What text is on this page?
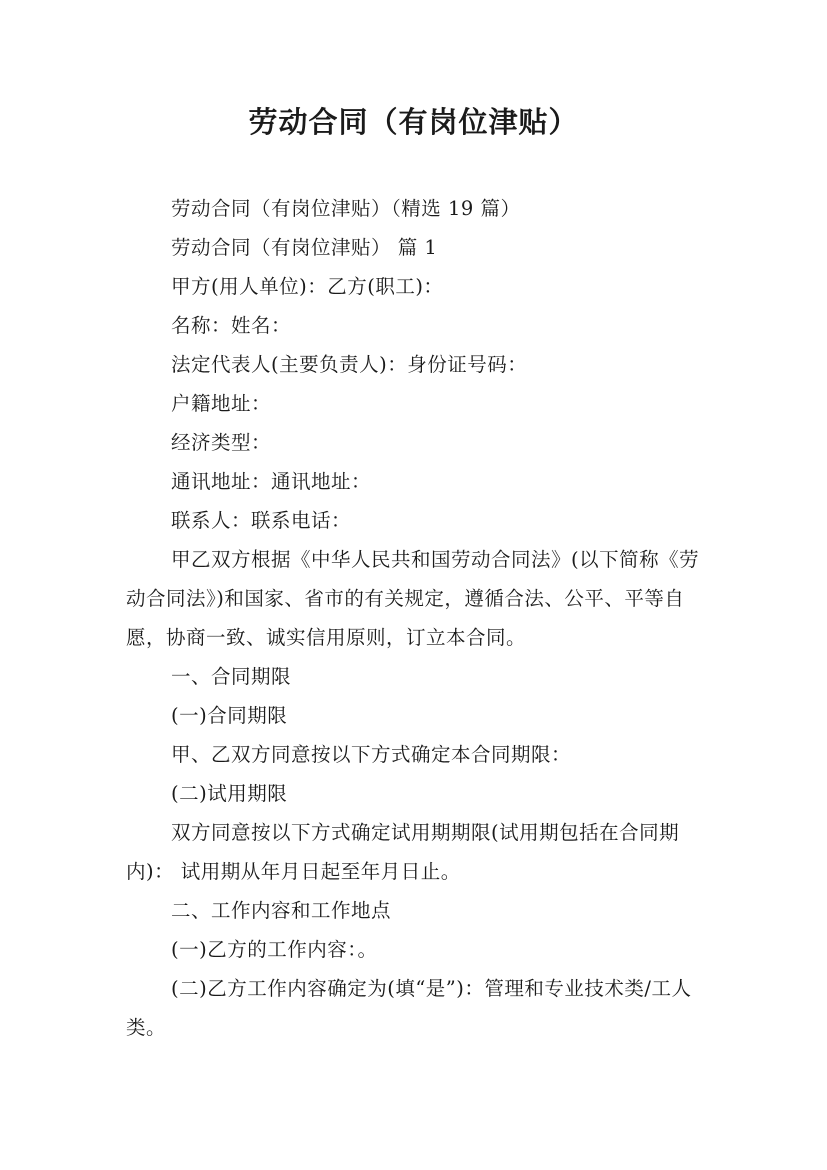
劳动合同（有岗位津贴）

劳动合同（有岗位津贴）（精选 19 篇）

劳动合同（有岗位津贴） 篇 1

甲方(用人单位)：乙方(职工)：

名称：姓名：

法定代表人(主要负责人)：身份证号码：

户籍地址：

经济类型：

通讯地址：通讯地址：

联系人：联系电话：

甲乙双方根据《中华人民共和国劳动合同法》(以下简称《劳动合同法》)和国家、省市的有关规定，遵循合法、公平、平等自愿，协商一致、诚实信用原则，订立本合同。

一、合同期限

(一)合同期限

甲、乙双方同意按以下方式确定本合同期限：

(二)试用期限

双方同意按以下方式确定试用期期限(试用期包括在合同期内)： 试用期从年月日起至年月日止。

二、工作内容和工作地点

(一)乙方的工作内容：。

(二)乙方工作内容确定为(填“是”)：管理和专业技术类/工人类。
